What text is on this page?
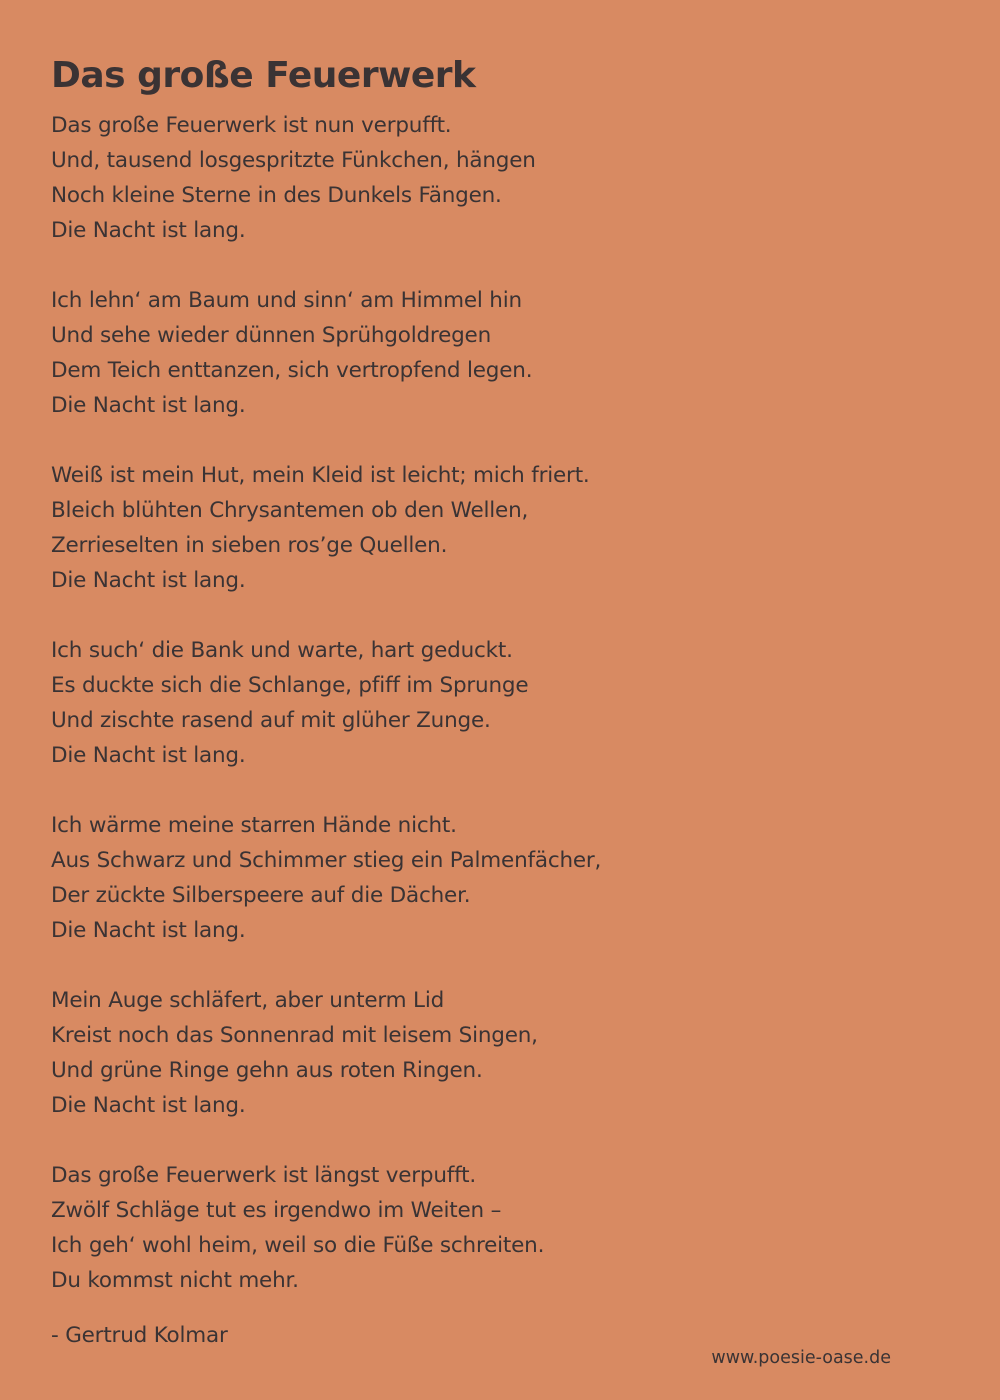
Das große Feuerwerk
Das große Feuerwerk ist nun verpufft.
Und, tausend losgespritzte Fünkchen, hängen
Noch kleine Sterne in des Dunkels Fängen.
Die Nacht ist lang.
Ich lehn‘ am Baum und sinn‘ am Himmel hin
Und sehe wieder dünnen Sprühgoldregen
Dem Teich enttanzen, sich vertropfend legen.
Die Nacht ist lang.
Weiß ist mein Hut, mein Kleid ist leicht; mich friert.
Bleich blühten Chrysantemen ob den Wellen,
Zerrieselten in sieben ros’ge Quellen.
Die Nacht ist lang.
Ich such‘ die Bank und warte, hart geduckt.
Es duckte sich die Schlange, pfiff im Sprunge
Und zischte rasend auf mit glüher Zunge.
Die Nacht ist lang.
Ich wärme meine starren Hände nicht.
Aus Schwarz und Schimmer stieg ein Palmenfächer,
Der zückte Silberspeere auf die Dächer.
Die Nacht ist lang.
Mein Auge schläfert, aber unterm Lid
Kreist noch das Sonnenrad mit leisem Singen,
Und grüne Ringe gehn aus roten Ringen.
Die Nacht ist lang.
Das große Feuerwerk ist längst verpufft.
Zwölf Schläge tut es irgendwo im Weiten –
Ich geh‘ wohl heim, weil so die Füße schreiten.
Du kommst nicht mehr.
- Gertrud Kolmar
www.poesie-oase.de
